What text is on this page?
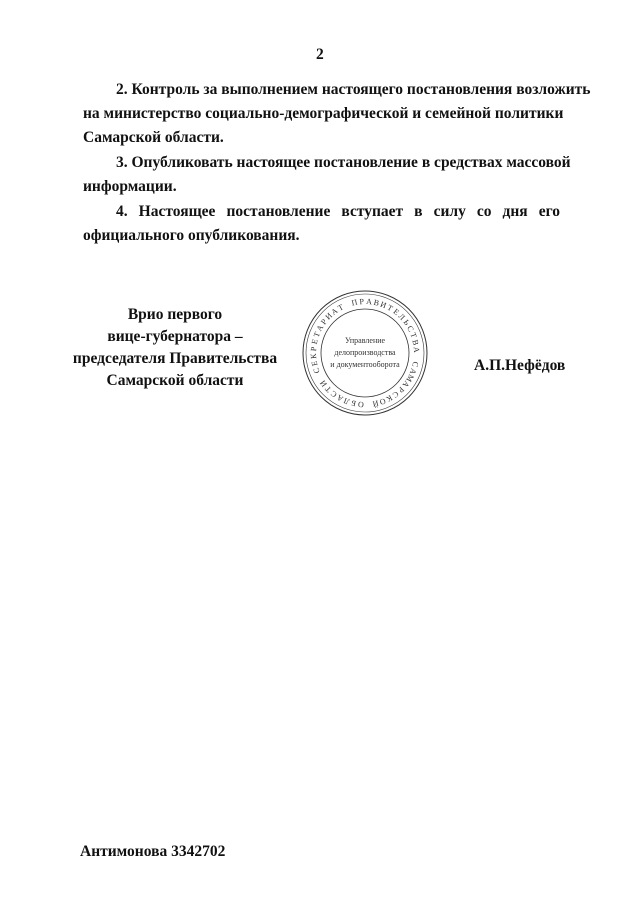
2
2. Контроль за выполнением настоящего постановления возложить
на министерство социально-демографической и семейной политики
Самарской области.
3. Опубликовать настоящее постановление в средствах массовой
информации.
4. Настоящее постановление вступает в силу со дня его
официального опубликования.
Врио первого
вице-губернатора –
председателя Правительства
Самарской области
С
Е
К
Р
Е
Т
А
Р
И
А
Т П Р А В И
Т
Е
Л
Ь
С
Т
В
А
С
А
М
А
Р
С
К
О
Й
О
Б
Л
А
С
Т
И
Управление
делопроизводства
и документооборота	А.П.Нефёдов
Антимонова 3342702
